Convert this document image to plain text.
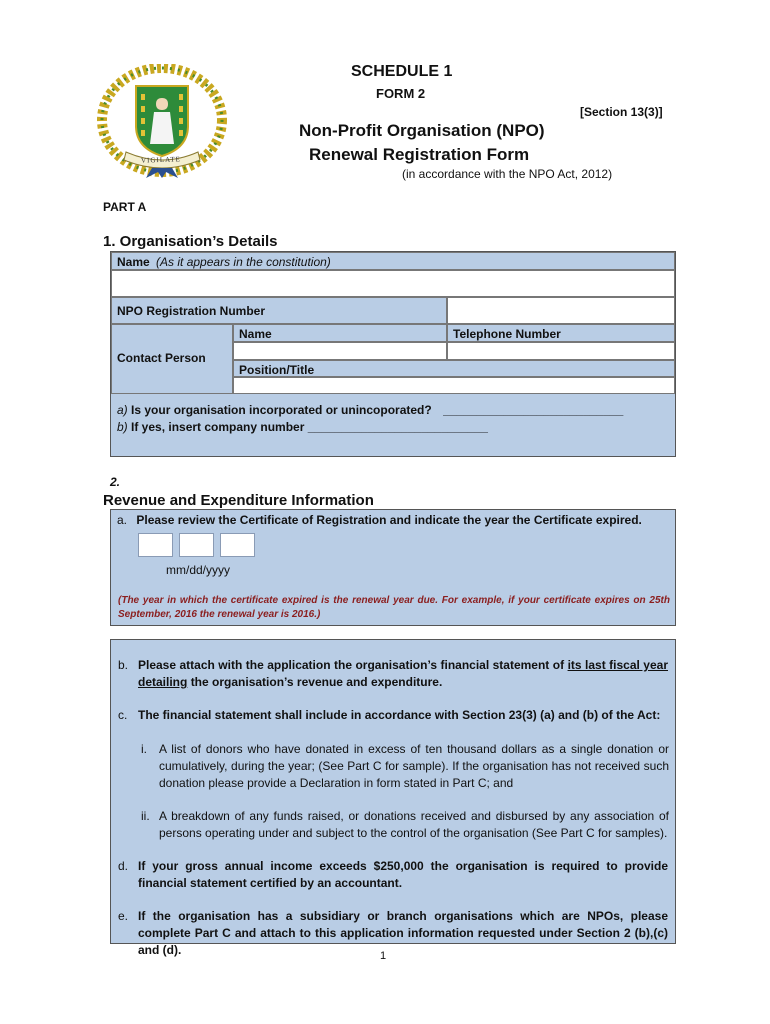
VIGILATE
SCHEDULE 1
FORM 2
[Section 13(3)]
Non-Profit Organisation (NPO)
Renewal Registration Form
(in accordance with the NPO Act, 2012)
PART A
1. Organisation’s Details
Name (As it appears in the constitution)
NPO Registration Number
Contact Person
Name	Telephone Number
Position/Title
a) Is your organisation incorporated or unincoporated? ___________________________
b) If yes, insert company number ___________________________
2.
Revenue and Expenditure Information
a. Please review the Certificate of Registration and indicate the year the Certificate expired.
mm/dd/yyyy
(The year in which the certificate expired is the renewal year due. For example, if your certificate expires on 25th September, 2016 the renewal year is 2016.)
b. Please attach with the application the organisation’s financial statement of its last fiscal year detailing the organisation’s revenue and expenditure.
c. The financial statement shall include in accordance with Section 23(3) (a) and (b) of the Act:
i. A list of donors who have donated in excess of ten thousand dollars as a single donation or cumulatively, during the year; (See Part C for sample). If the organisation has not received such donation please provide a Declaration in form stated in Part C; and
ii. A breakdown of any funds raised, or donations received and disbursed by any association of persons operating under and subject to the control of the organisation (See Part C for samples).
d. If your gross annual income exceeds $250,000 the organisation is required to provide financial statement certified by an accountant.
e. If the organisation has a subsidiary or branch organisations which are NPOs, please complete Part C and attach to this application information requested under Section 2 (b),(c) and (d).	1
